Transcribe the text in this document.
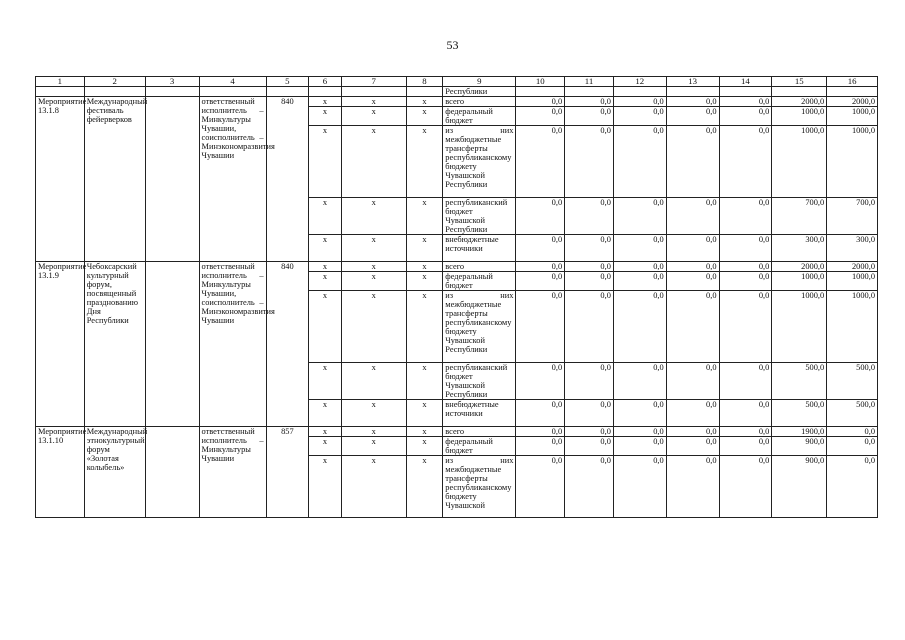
53
1	2	3	4	5	6	7	8	9	10	11	12	13	14	15	16
								Республики							
Мероприятие 13.1.8	Международный фестиваль фейерверков		ответственный исполнитель – Минкультуры Чувашии, соисполнитель – Минэкономразвития Чувашии	840	х	х	х	всего	0,0	0,0	0,0	0,0	0,0	2000,0	2000,0
					х	х	х	федеральный бюджет	0,0	0,0	0,0	0,0	0,0	1000,0	1000,0
					х	х	х	из них межбюджетные трансферты республиканскому бюджету Чувашской Республики	0,0	0,0	0,0	0,0	0,0	1000,0	1000,0
					х	х	х	республиканский бюджет Чувашской Республики	0,0	0,0	0,0	0,0	0,0	700,0	700,0
					х	х	х	внебюджетные источники	0,0	0,0	0,0	0,0	0,0	300,0	300,0
Мероприятие 13.1.9	Чебоксарский культурный форум, посвященный празднованию Дня Республики		ответственный исполнитель – Минкультуры Чувашии, соисполнитель – Минэкономразвития Чувашии	840	х	х	х	всего	0,0	0,0	0,0	0,0	0,0	2000,0	2000,0
					х	х	х	федеральный бюджет	0,0	0,0	0,0	0,0	0,0	1000,0	1000,0
					х	х	х	из них межбюджетные трансферты республиканскому бюджету Чувашской Республики	0,0	0,0	0,0	0,0	0,0	1000,0	1000,0
					х	х	х	республиканский бюджет Чувашской Республики	0,0	0,0	0,0	0,0	0,0	500,0	500,0
					х	х	х	внебюджетные источники	0,0	0,0	0,0	0,0	0,0	500,0	500,0
Мероприятие 13.1.10	Международный этнокультурный форум «Золотая колыбель»		ответственный исполнитель – Минкультуры Чувашии	857	х	х	х	всего	0,0	0,0	0,0	0,0	0,0	1900,0	0,0
					х	х	х	федеральный бюджет	0,0	0,0	0,0	0,0	0,0	900,0	0,0
					х	х	х	из них межбюджетные трансферты республиканскому бюджету Чувашской	0,0	0,0	0,0	0,0	0,0	900,0	0,0
